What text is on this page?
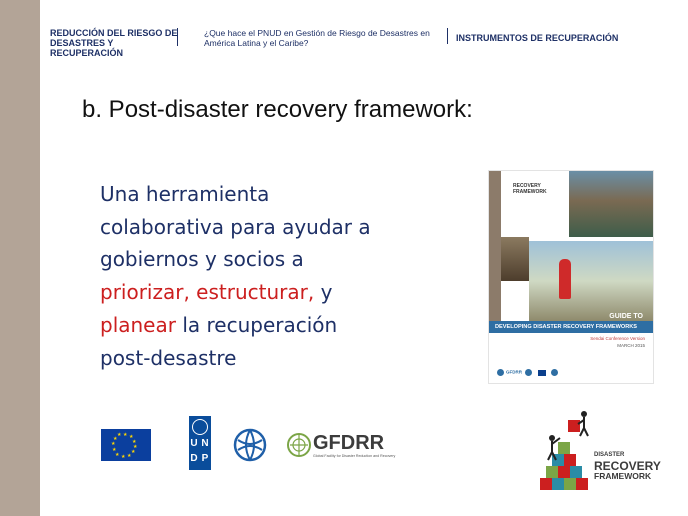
REDUCCIÓN DEL RIESGO DE DESASTRES Y RECUPERACIÓN
¿Que hace el PNUD en Gestión de Riesgo de Desastres en América Latina y el Caribe?	INSTRUMENTOS DE RECUPERACIÓN
b. Post-disaster recovery framework:
Una herramienta
colaborativa para ayudar a
gobiernos y socios a
priorizar, estructurar, y
planear la recuperación
post-desastre
RECOVERY
FRAMEWORK
GUIDE TO
DEVELOPING DISASTER RECOVERY FRAMEWORKS
Sendai Conference Version
MARCH 2015
GFDRR
★ ★
★
★
★
★
★
★
★
★
★
★
U N
D P
GFDRR
Global Facility for Disaster Reduction and Recovery	DISASTER
RECOVERY
FRAMEWORK
